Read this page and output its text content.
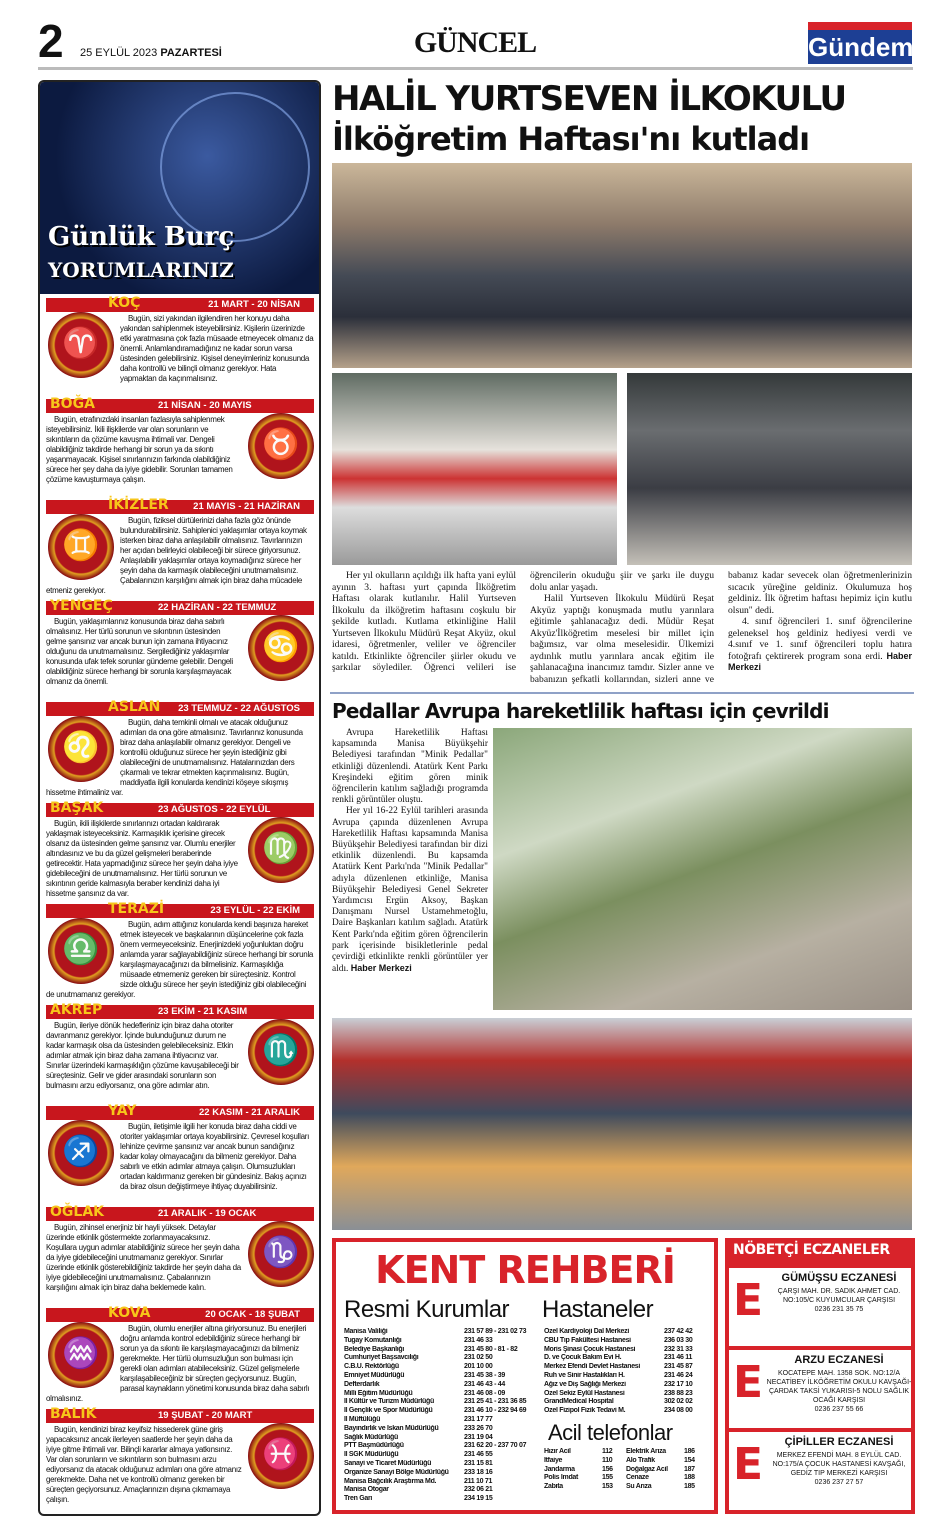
2 25 EYLÜL 2023 PAZARTESİ	GÜNCEL	Gündem
Günlük Burç
YORUMLARINIZ
KOÇ	21 MART - 20 NİSAN
♈
Bugün, sizi yakından ilgilendiren her konuyu daha yakından sahiplenmek isteyebilirsiniz. Kişilerin üzerinizde etki yaratmasına çok fazla müsaade etmeyecek olmanız da önemli. Anlamlandıramadığınız ne kadar sorun varsa üstesinden gelebilirsiniz. Kişisel deneyimleriniz konusunda daha kontrollü ve bilinçli olmanız gerekiyor. Hata yapmaktan da kaçınmalısınız.
BOĞA	21 NİSAN - 20 MAYIS
♉
Bugün, etrafınızdaki insanları fazlasıyla sahiplenmek isteyebilirsiniz. İkili ilişkilerde var olan sorunların ve sıkıntıların da çözüme kavuşma ihtimali var. Dengeli olabildiğiniz takdirde herhangi bir sorun ya da sıkıntı yaşanmayacak. Kişisel sınırlarınızın farkında olabildiğiniz sürece her şey daha da iyiye gidebilir. Sorunları tamamen çözüme kavuşturmaya çalışın.
İKİZLER	21 MAYIS - 21 HAZİRAN
♊
Bugün, fiziksel dürtülerinizi daha fazla göz önünde bulundurabilirsiniz. Sahiplenici yaklaşımlar ortaya koymak isterken biraz daha anlaşılabilir olmalısınız. Tavırlarınızın her açıdan belirleyici olabileceği bir sürece giriyorsunuz. Anlaşılabilir yaklaşımlar ortaya koymadığınız sürece her şeyin daha da karmaşık olabileceğini unutmamalısınız. Çabalarınızın karşılığını almak için biraz daha mücadele etmeniz gerekiyor.
YENGEÇ	22 HAZİRAN - 22 TEMMUZ
♋
Bugün, yaklaşımlarınız konusunda biraz daha sabırlı olmalısınız. Her türlü sorunun ve sıkıntının üstesinden gelme şansınız var ancak bunun için zamana ihtiyacınız olduğunu da unutmamalısınız. Sergilediğiniz yaklaşımlar konusunda ufak tefek sorunlar gündeme gelebilir. Dengeli olabildiğiniz sürece herhangi bir sorunla karşılaşmayacak olmanız da önemli.
ASLAN 23 TEMMUZ - 22 AĞUSTOS
♌
Bugün, daha temkinli olmalı ve atacak olduğunuz adımları da ona göre atmalısınız. Tavırlarınız konusunda biraz daha anlaşılabilir olmanız gerekiyor. Dengeli ve kontrollü olduğunuz sürece her şeyin istediğiniz gibi olabileceğini de unutmamalısınız. Hatalarınızdan ders çıkarmalı ve tekrar etmekten kaçınmalısınız. Bugün, maddiyatla ilgili konularda kendinizi köşeye sıkışmış hissetme ihtimaliniz var.
BAŞAK	23 AĞUSTOS - 22 EYLÜL
♍
Bugün, ikili ilişkilerde sınırlarınızı ortadan kaldırarak yaklaşmak isteyeceksiniz. Karmaşıklık içerisine girecek olsanız da üstesinden gelme şansınız var. Olumlu enerjiler altındasınız ve bu da güzel gelişmeleri beraberinde getirecektir. Hata yapmadığınız sürece her şeyin daha iyiye gidebileceğini de unutmamalısınız. Her türlü sorunun ve sıkıntının geride kalmasıyla beraber kendinizi daha iyi hissetme şansınız da var.
TERAZİ	23 EYLÜL - 22 EKİM
♎
Bugün, adım attığınız konularda kendi başınıza hareket etmek isteyecek ve başkalarının düşüncelerine çok fazla önem vermeyeceksiniz. Enerjinizdeki yoğunluktan doğru anlamda yarar sağlayabildiğiniz sürece herhangi bir sorunla karşılaşmayacağınızı da bilmelisiniz. Karmaşıklığa müsaade etmemeniz gereken bir süreçtesiniz. Kontrol sizde olduğu sürece her şeyin istediğiniz gibi olabileceğini de unutmamanız gerekiyor.
AKREP	23 EKİM - 21 KASIM
♏
Bugün, ileriye dönük hedefleriniz için biraz daha otoriter davranmanız gerekiyor. İçinde bulunduğunuz durum ne kadar karmaşık olsa da üstesinden gelebileceksiniz. Etkin adımlar atmak için biraz daha zamana ihtiyacınız var. Sınırlar üzerindeki karmaşıklığın çözüme kavuşabileceği bir süreçtesiniz. Gelir ve gider arasındaki sorunların son bulmasını arzu ediyorsanız, ona göre adımlar atın.
YAY	22 KASIM - 21 ARALIK
♐
Bugün, iletişimle ilgili her konuda biraz daha ciddi ve otoriter yaklaşımlar ortaya koyabilirsiniz. Çevresel koşulları lehinize çevirme şansınız var ancak bunun sandığınız kadar kolay olmayacağını da bilmeniz gerekiyor. Daha sabırlı ve etkin adımlar atmaya çalışın. Olumsuzlukları ortadan kaldırmanız gereken bir gündesiniz. Bakış açınızı da biraz olsun değiştirmeye ihtiyaç duyabilirsiniz.
OĞLAK	21 ARALIK - 19 OCAK
♑
Bugün, zihinsel enerjiniz bir hayli yüksek. Detaylar üzerinde etkinlik göstermekte zorlanmayacaksınız. Koşullara uygun adımlar atabildiğiniz sürece her şeyin daha da iyiye gidebileceğini unutmamanız gerekiyor. Sınırlar üzerinde etkinlik gösterebildiğiniz takdirde her şeyin daha da iyiye gidebileceğini unutmamalısınız. Çabalarınızın karşılığını almak için biraz daha beklemede kalın.
KOVA	20 OCAK - 18 ŞUBAT
♒
Bugün, olumlu enerjiler altına giriyorsunuz. Bu enerjileri doğru anlamda kontrol edebildiğiniz sürece herhangi bir sorun ya da sıkıntı ile karşılaşmayacağınızı da bilmeniz gerekmekte. Her türlü olumsuzluğun son bulması için gerekli olan adımları atabileceksiniz. Güzel gelişmelerle karşılaşabileceğiniz bir süreçten geçiyorsunuz. Bugün, parasal kaynakların yönetimi konusunda biraz daha sabırlı olmalısınız.
BALIK	19 ŞUBAT - 20 MART
♓
Bugün, kendinizi biraz keyifsiz hissederek güne giriş yapacaksınız ancak ilerleyen saatlerde her şeyin daha da iyiye gitme ihtimali var. Bilinçli kararlar almaya yatkınsınız. Var olan sorunların ve sıkıntıların son bulmasını arzu ediyorsanız da atacak olduğunuz adımları ona göre atmanız gerekmekte. Daha net ve kontrollü olmanız gereken bir süreçten geçiyorsunuz. Amaçlarınızın dışına çıkmamaya çalışın.
HALİL YURTSEVEN İLKOKULU
İlköğretim Haftası'nı kutladı

Her yıl okulların açıldığı ilk hafta yani eylül ayının 3. haftası yurt çapında İlköğretim Haftası olarak kutlanılır. Halil Yurtseven İlkokulu da ilköğretim haftasını coşkulu bir şekilde kutladı. Kutlama etkinliğine Halil Yurtseven İlkokulu Müdürü Reşat Akyüz, okul idaresi, öğretmenler, veliler ve öğrenciler katıldı. Etkinlikte öğrenciler şiirler okudu ve şarkılar söylediler. Öğrenci velileri ise öğrencilerin okuduğu şiir ve şarkı ile duygu dolu anlar yaşadı.

Halil Yurtseven İlkokulu Müdürü Reşat Akyüz yaptığı konuşmada mutlu yarınlara eğitimle şahlanacağız dedi. Müdür Reşat Akyüz'İlköğretim meselesi bir millet için bağımsız, var olma meselesidir. Ülkemizi aydınlık mutlu yarınlara ancak eğitim ile şahlanacağına inancımız tamdır. Sizler anne ve babanızın şefkatli kollarından, sizleri anne ve babanız kadar sevecek olan öğretmenlerinizin sıcacık yüreğine geldiniz. Okulumuza hoş geldiniz. İlk öğretim haftası hepimiz için kutlu olsun" dedi.

4. sınıf öğrencileri 1. sınıf öğrencilerine geleneksel hoş geldiniz hediyesi verdi ve 4.sınıf ve 1. sınıf öğrencileri toplu hatıra fotoğrafı çektirerek program sona erdi. Haber Merkezi

Pedallar Avrupa hareketlilik haftası için çevrildi

Avrupa Hareketlilik Haftası kapsamında Manisa Büyükşehir Belediyesi tarafından "Minik Pedallar" etkinliği düzenlendi. Atatürk Kent Parkı Kreşindeki eğitim gören minik öğrencilerin katılım sağladığı programda renkli görüntüler oluştu.

Her yıl 16-22 Eylül tarihleri arasında Avrupa çapında düzenlenen Avrupa Hareketlilik Haftası kapsamında Manisa Büyükşehir Belediyesi tarafından bir dizi etkinlik düzenlendi. Bu kapsamda Atatürk Kent Parkı'nda "Minik Pedallar" adıyla düzenlenen etkinliğe, Manisa Büyükşehir Belediyesi Genel Sekreter Yardımcısı Ergün Aksoy, Başkan Danışmanı Nursel Ustamehmetoğlu, Daire Başkanları katılım sağladı. Atatürk Kent Parkı'nda eğitim gören öğrencilerin park içerisinde bisikletlerinle pedal çevirdiği etkinlikte renkli görüntüler yer aldı. Haber Merkezi

KENT REHBERİ
Resmi Kurumlar Hastaneler
Manisa Valiliği	231 57 89 - 231 02 73
Tugay Komutanlığı	231 46 33
Belediye Başkanlığı	231 45 80 - 81 - 82
Cumhuriyet Başsavcılığı	231 02 50
C.B.Ü. Rektörlüğü	201 10 00
Emniyet Müdürlüğü	231 45 38 - 39
Defterdarlık	231 46 43 - 44
Milli Eğitim Müdürlüğü	231 46 08 - 09
İl Kültür ve Turizm Müdürlüğü	231 25 41 - 231 36 85
İl Gençlik ve Spor Müdürlüğü	231 46 10 - 232 94 69
İl Müftülüğü	231 17 77
Bayındırlık ve İskan Müdürlüğü	233 26 70
Sağlık Müdürlüğü	231 19 04
PTT Başmüdürlüğü	231 62 20 - 237 70 07
İl SGK Müdürlüğü	231 46 55
Sanayi ve Ticaret Müdürlüğü	231 15 81
Organize Sanayi Bölge Müdürlüğü	233 18 16
Manisa Bağcılık Araştırma Md.	211 10 71
Manisa Otogar	232 06 21
Tren Garı	234 19 15
Özel Kardiyoloji Dal Merkezi	237 42 42
CBÜ Tıp Fakültesi Hastanesi	236 03 30
Moris Şinasi Çocuk Hastanesi	232 31 33
D. ve Çocuk Bakım Evi H.	231 46 11
Merkez Efendi Devlet Hastanesi	231 45 87
Ruh ve Sinir Hastalıkları H.	231 46 24
Ağız ve Diş Sağlığı Merkezi	232 17 10
Özel Sekiz Eylül Hastanesi	238 88 23
GrandMedical Hospital	302 02 02
Özel Fizipol Fizik Tedavi M.	234 08 00
Acil telefonlar
Hızır Acil	112
İtfaiye	110
Jandarma	156
Polis İmdat	155
Zabıta	153
Elektrik Arıza	186
Alo Trafik	154
Doğalgaz Acil	187
Cenaze	188
Su Arıza	185
NÖBETÇİ ECZANELER
E	GÜMÜŞSU ECZANESİ
ÇARŞI MAH. DR. SADIK AHMET CAD. NO:105/C KUYUMCULAR ÇARŞISI
0236 231 35 75
E	ARZU ECZANESİ
KOCATEPE MAH. 1358 SOK. NO:12/A NECATİBEY İLKÖĞRETİM OKULU KAVŞAĞI-ÇARDAK TAKSİ YUKARISI-5 NOLU SAĞLIK OCAĞI KARŞISI
0236 237 55 66
E	ÇİPİLLER ECZANESİ
MERKEZ EFENDİ MAH. 8 EYLÜL CAD. NO:175/A ÇOCUK HASTANESİ KAVŞAĞI, GEDİZ TIP MERKEZİ KARŞISI
0236 237 27 57
